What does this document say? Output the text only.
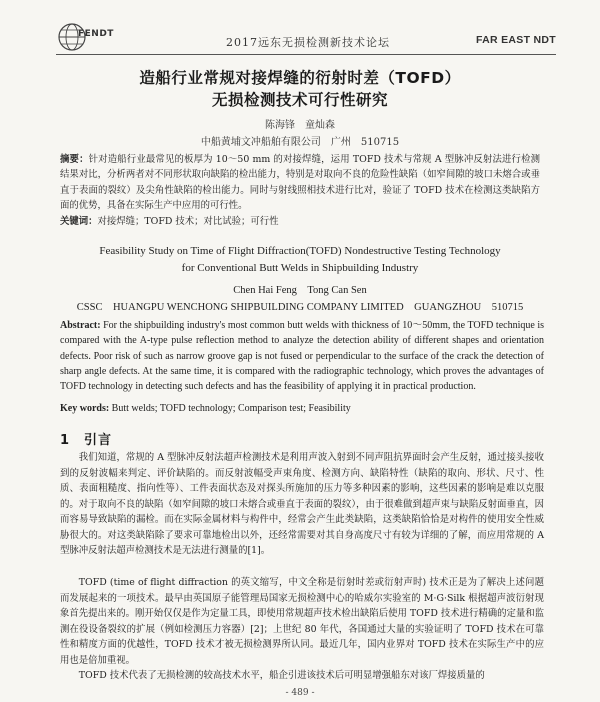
FENDT
2017远东无损检测新技术论坛	FAR EAST NDT
造船行业常规对接焊缝的衍射时差（TOFD）
无损检测技术可行性研究
陈海锋　童灿森
中船黄埔文冲船舶有限公司　广州　510715
摘要：针对造船行业最常见的板厚为 10～50 mm 的对接焊缝，运用 TOFD 技术与常规 A 型脉冲反射法进行检测结果对比，分析两者对不同形状取向缺陷的检出能力，特别是对取向不良的危险性缺陷（如窄间隙的坡口未熔合或垂直于表面的裂纹）及尖角性缺陷的检出能力。同时与射线照相技术进行比对，验证了 TOFD 技术在检测这类缺陷方面的优势，具备在实际生产中应用的可行性。
关键词：对接焊缝；TOFD 技术；对比试验；可行性
Feasibility Study on Time of Flight Diffraction(TOFD) Nondestructive Testing Technology
for Conventional Butt Welds in Shipbuilding Industry
Chen Hai Feng　Tong Can Sen
CSSC　HUANGPU WENCHONG SHIPBUILDING COMPANY LIMITED　GUANGZHOU　510715
Abstract: For the shipbuilding industry's most common butt welds with thickness of 10～50mm, the TOFD technique is compared with the A-type pulse reflection method to analyze the detection ability of different shapes and orientation defects. Poor risk of such as narrow groove gap is not fused or perpendicular to the surface of the crack the detection of sharp angle defects. At the same time, it is compared with the radiographic technology, which proves the advantages of TOFD technology in detecting such defects and has the feasibility of applying it in practical production.
Key words: Butt welds; TOFD technology; Comparison test; Feasibility
1　引言
我们知道，常规的 A 型脉冲反射法超声检测技术是利用声波入射到不同声阻抗界面时会产生反射，通过接头接收到的反射波幅来判定、评价缺陷的。而反射波幅受声束角度、检测方向、缺陷特性（缺陷的取向、形状、尺寸、性质、表面粗糙度、指向性等）、工件表面状态及对探头所施加的压力等多种因素的影响，这些因素的影响是难以克服的。对于取向不良的缺陷（如窄间隙的坡口未熔合或垂直于表面的裂纹），由于很难做到超声束与缺陷反射面垂直，因而容易导致缺陷的漏检。而在实际金属材料与构件中，经常会产生此类缺陷，这类缺陷恰恰是对构件的使用安全性威胁很大的。对这类缺陷除了要求可靠地检出以外，还经常需要对其自身高度尺寸有较为详细的了解，而应用常规的 A 型脉冲反射法超声检测技术是无法进行测量的[1]。
TOFD (time of flight diffraction 的英文缩写，中文全称是衍射时差或衍射声时) 技术正是为了解决上述问题而发展起来的一项技术。最早由英国原子能管理局国家无损检测中心的哈威尔实验室的 M·G·Silk 根据超声波衍射现象首先提出来的。刚开始仅仅是作为定量工具，即使用常规超声技术检出缺陷后使用 TOFD 技术进行精确的定量和监测在役设备裂纹的扩展（例如检测压力容器）[2]；上世纪 80 年代，各国通过大量的实验证明了 TOFD 技术在可靠性和精度方面的优越性，TOFD 技术才被无损检测界所认同。最近几年，国内业界对 TOFD 技术在实际生产中的应用也是倍加重视。
TOFD 技术代表了无损检测的较高技术水平，船企引进该技术后可明显增强船东对该厂焊接质量的
- 489 -
